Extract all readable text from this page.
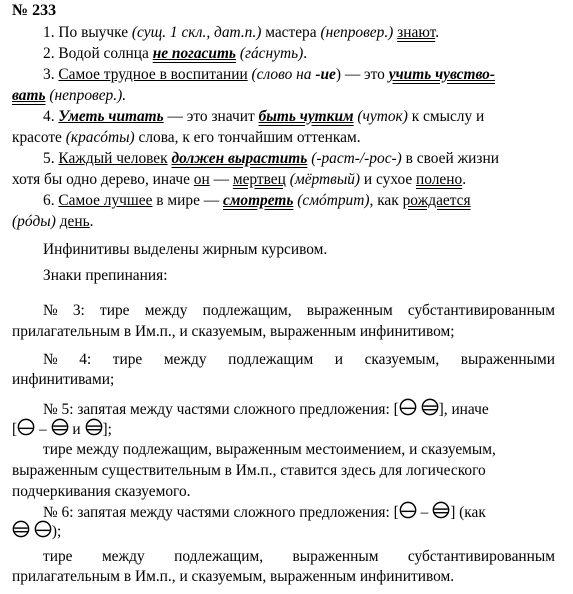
№ 233
1. По выучке (сущ. 1 скл., дат.п.) мастера (непровер.) знают.
2. Водой солнца не погасить (гáснуть).
3. Самое трудное в воспитании (слово на -ие) — это учить чувство-
вать (непровер.).
4. Уметь читать — это значит быть чутким (чуток) к смыслу и
красоте (красóты) слова, к его тончайшим оттенкам.
5. Каждый человек должен вырастить (-раст-/-рос-) в своей жизни
хотя бы одно дерево, иначе он — мертвец (мёртвый) и сухое полено.
6. Самое лучшее в мире — смотреть (смóтрит), как рождается
(рóды) день.
Инфинитивы выделены жирным курсивом.
Знаки препинания:
№ 3: тире между подлежащим, выраженным субстантивированным
прилагательным в Им.п., и сказуемым, выраженным инфинитивом;
№ 4: тире между подлежащим и сказуемым, выраженными
инфинитивами;
№ 5: запятая между частями сложного предложения: [	], иначе
[ – и ];
тире между подлежащим, выраженным местоимением, и сказуемым,
выраженным существительным в Им.п., ставится здесь для логического
подчеркивания сказуемого.
№ 6: запятая между частями сложного предложения: [ – ] (как
);
тире между подлежащим, выраженным субстантивированным
прилагательным в Им.п., и сказуемым, выраженным инфинитивом.
